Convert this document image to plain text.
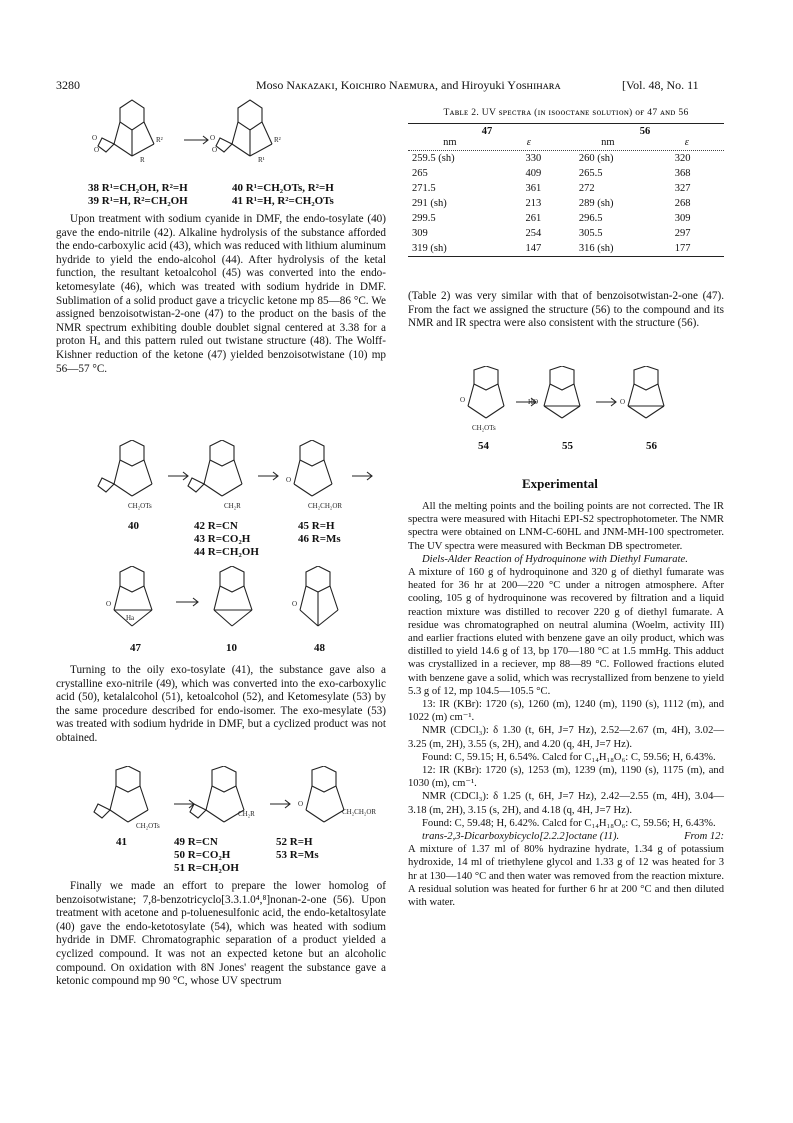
3280	Mᴏsᴏ Nᴀᴋᴀᴢᴀᴋɪ, Kᴏɪᴄʜɪʀᴏ Nᴀᴇᴍᴜʀᴀ, and Hiroyuki Yᴏsʜɪʜᴀʀᴀ	[Vol. 48, No. 11
O
O
R²
R
O
O
R²
R¹
38 R¹=CH₂OH, R²=H
39 R¹=H, R²=CH₂OH
40 R¹=CH₂OTs, R²=H
41 R¹=H, R²=CH₂OTs

Upon treatment with sodium cyanide in DMF, the endo-tosylate (40) gave the endo-nitrile (42). Alkaline hydrolysis of the substance afforded the endo-carboxylic acid (43), which was reduced with lithium aluminum hydride to yield the endo-alcohol (44). After hydrolysis of the ketal function, the resultant ketoalcohol (45) was converted into the endo-ketomesylate (46), which was treated with sodium hydride in DMF. Sublimation of a solid product gave a tricyclic ketone mp 85—86 °C. We assigned benzoisotwistan-2-one (47) to the product on the basis of the NMR spectrum exhibiting double doublet signal centered at 3.38 for a proton Hₐ and this pattern ruled out twistane structure (48). The Wolff-Kishner reduction of the ketone (47) yielded benzoisotwistane (10) mp 56—57 °C.

CH₂OTs	CH₂R
O
CH₂CH₂OR
40	42 R=CN
43 R=CO₂H
44 R=CH₂OH
45 R=H
46 R=Ms
O
Ha
O
47	10	48

Turning to the oily exo-tosylate (41), the substance gave also a crystalline exo-nitrile (49), which was converted into the exo-carboxylic acid (50), ketalalcohol (51), ketoalcohol (52), and Ketomesylate (53) by the same procedure described for endo-isomer. The exo-mesylate (53) was treated with sodium hydride in DMF, but a cyclized product was not obtained.

CH₂OTs
CH₂R
O
CH₂CH₂OR
41	49 R=CN
50 R=CO₂H
51 R=CH₂OH
52 R=H
53 R=Ms

Finally we made an effort to prepare the lower homolog of benzoisotwistane; 7,8-benzotricyclo[3.3.1.0⁴,⁸]nonan-2-one (56). Upon treatment with acetone and p-toluenesulfonic acid, the endo-ketaltosylate (40) gave the endo-ketotosylate (54), which was heated with sodium hydride in DMF. Chromatographic separation of a product yielded a cyclized compound. It was not an expected ketone but an alcoholic compound. On oxidation with 8N Jones' reagent the substance gave a ketonic compound mp 90 °C, whose UV spectrum

Tᴀʙʟᴇ 2. UV sᴘᴇᴄᴛʀᴀ (ɪɴ ɪsᴏᴏᴄᴛᴀɴᴇ sᴏʟᴜᴛɪᴏɴ) ᴏғ 47 ᴀɴᴅ 56
47	56
nm	ε	nm	ε
259.5 (sh)	330	260 (sh)	320
265	409	265.5	368
271.5	361	272	327
291 (sh)	213	289 (sh)	268
299.5	261	296.5	309
309	254	305.5	297
319 (sh)	147	316 (sh)	177

(Table 2) was very similar with that of benzoisotwistan-2-one (47). From the fact we assigned the structure (56) to the compound and its NMR and IR spectra were also consistent with the structure (56).

O
CH₂OTs
HO	O
54	55	56
Experimental

All the melting points and the boiling points are not corrected. The IR spectra were measured with Hitachi EPI-S2 spectrophotometer. The NMR spectra were obtained on LNM-C-60HL and JNM-MH-100 spectrometer. The UV spectra were measured with Beckman DB spectrometer.

Diels-Alder Reaction of Hydroquinone with Diethyl Fumarate.

A mixture of 160 g of hydroquinone and 320 g of diethyl fumarate was heated for 36 hr at 200—220 °C under a nitrogen atmosphere. After cooling, 105 g of hydroquinone was recovered by filtration and a liquid reaction mixture was distilled to recover 220 g of diethyl fumarate. A residue was chromatographed on neutral alumina (Woelm, activity III) and earlier fractions eluted with benzene gave an oily product, which was distilled to yield 14.6 g of 13, bp 170—180 °C at 1.5 mmHg. This adduct was crystallized in a reciever, mp 88—89 °C. Followed fractions eluted with benzene gave a solid, which was recrystallized from benzene to yield 5.3 g of 12, mp 104.5—105.5 °C.

13: IR (KBr): 1720 (s), 1260 (m), 1240 (m), 1190 (s), 1112 (m), and 1022 (m) cm⁻¹.

NMR (CDCl₃): δ 1.30 (t, 6H, J=7 Hz), 2.52—2.67 (m, 4H), 3.02—3.25 (m, 2H), 3.55 (s, 2H), and 4.20 (q, 4H, J=7 Hz).

Found: C, 59.15; H, 6.54%. Calcd for C₁₄H₁₈O₆: C, 59.56; H, 6.43%.

12: IR (KBr): 1720 (s), 1253 (m), 1239 (m), 1190 (s), 1175 (m), and 1030 (m), cm⁻¹.

NMR (CDCl₃): δ 1.25 (t, 6H, J=7 Hz), 2.42—2.55 (m, 4H), 3.04—3.18 (m, 2H), 3.15 (s, 2H), and 4.18 (q, 4H, J=7 Hz).

Found: C, 59.48; H, 6.42%. Calcd for C₁₄H₁₈O₆: C, 59.56; H, 6.43%.

trans-2,3-Dicarboxybicyclo[2.2.2]octane (11).	From 12:

A mixture of 1.37 ml of 80% hydrazine hydrate, 1.34 g of potassium hydroxide, 14 ml of triethylene glycol and 1.33 g of 12 was heated for 3 hr at 130—140 °C and then water was removed from the reaction mixture. A residual solution was heated for further 6 hr at 200 °C and then diluted with water.
